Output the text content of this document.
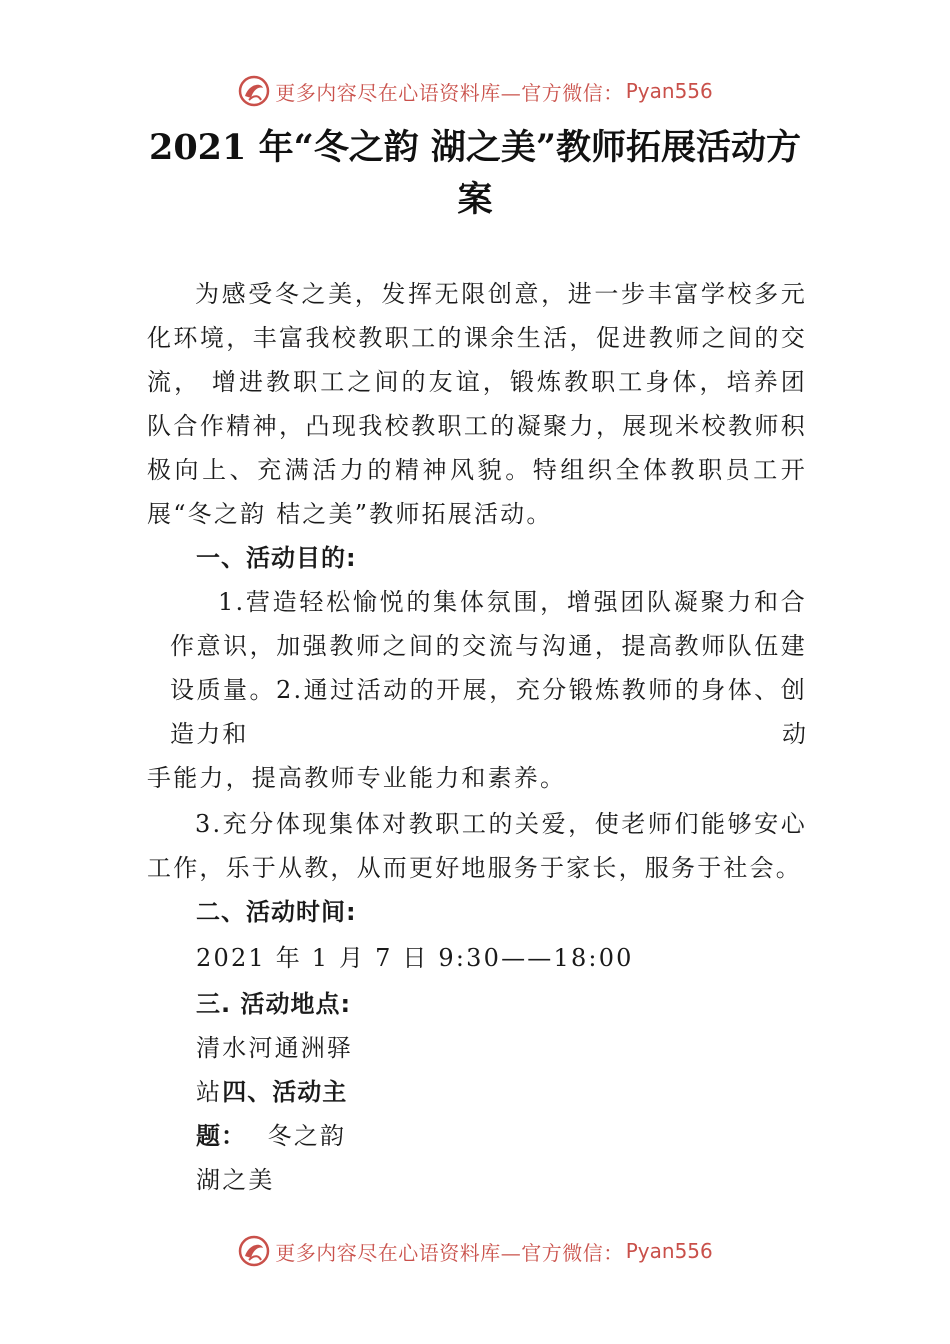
更多内容尽在心语资料库—官方微信： Pyan556
2021 年“冬之韵 湖之美”教师拓展活动方
案

为感受冬之美，发挥无限创意，进一步丰富学校多元化环境，丰富我校教职工的课余生活，促进教师之间的交流， 增进教职工之间的友谊，锻炼教职工身体，培养团队合作精神，凸现我校教职工的凝聚力，展现米校教师积极向上、充满活力的精神风貌。特组织全体教职员工开展“冬之韵 桔之美”教师拓展活动。

一、活动目的:

1.营造轻松愉悦的集体氛围，增强团队凝聚力和合作意识，加强教师之间的交流与沟通，提高教师队伍建设质量。2.通过活动的开展，充分锻炼教师的身体、创造力和	动

手能力，提高教师专业能力和素养。

3.充分体现集体对教职工的关爱，使老师们能够安心工作，乐于从教，从而更好地服务于家长，服务于社会。

二、活动时间:

2021 年 1 月 7 日 9:30——18:00

三. 活动地点:

清水河通洲驿

站四、活动主
题： 冬之韵

湖之美

更多内容尽在心语资料库—官方微信： Pyan556
